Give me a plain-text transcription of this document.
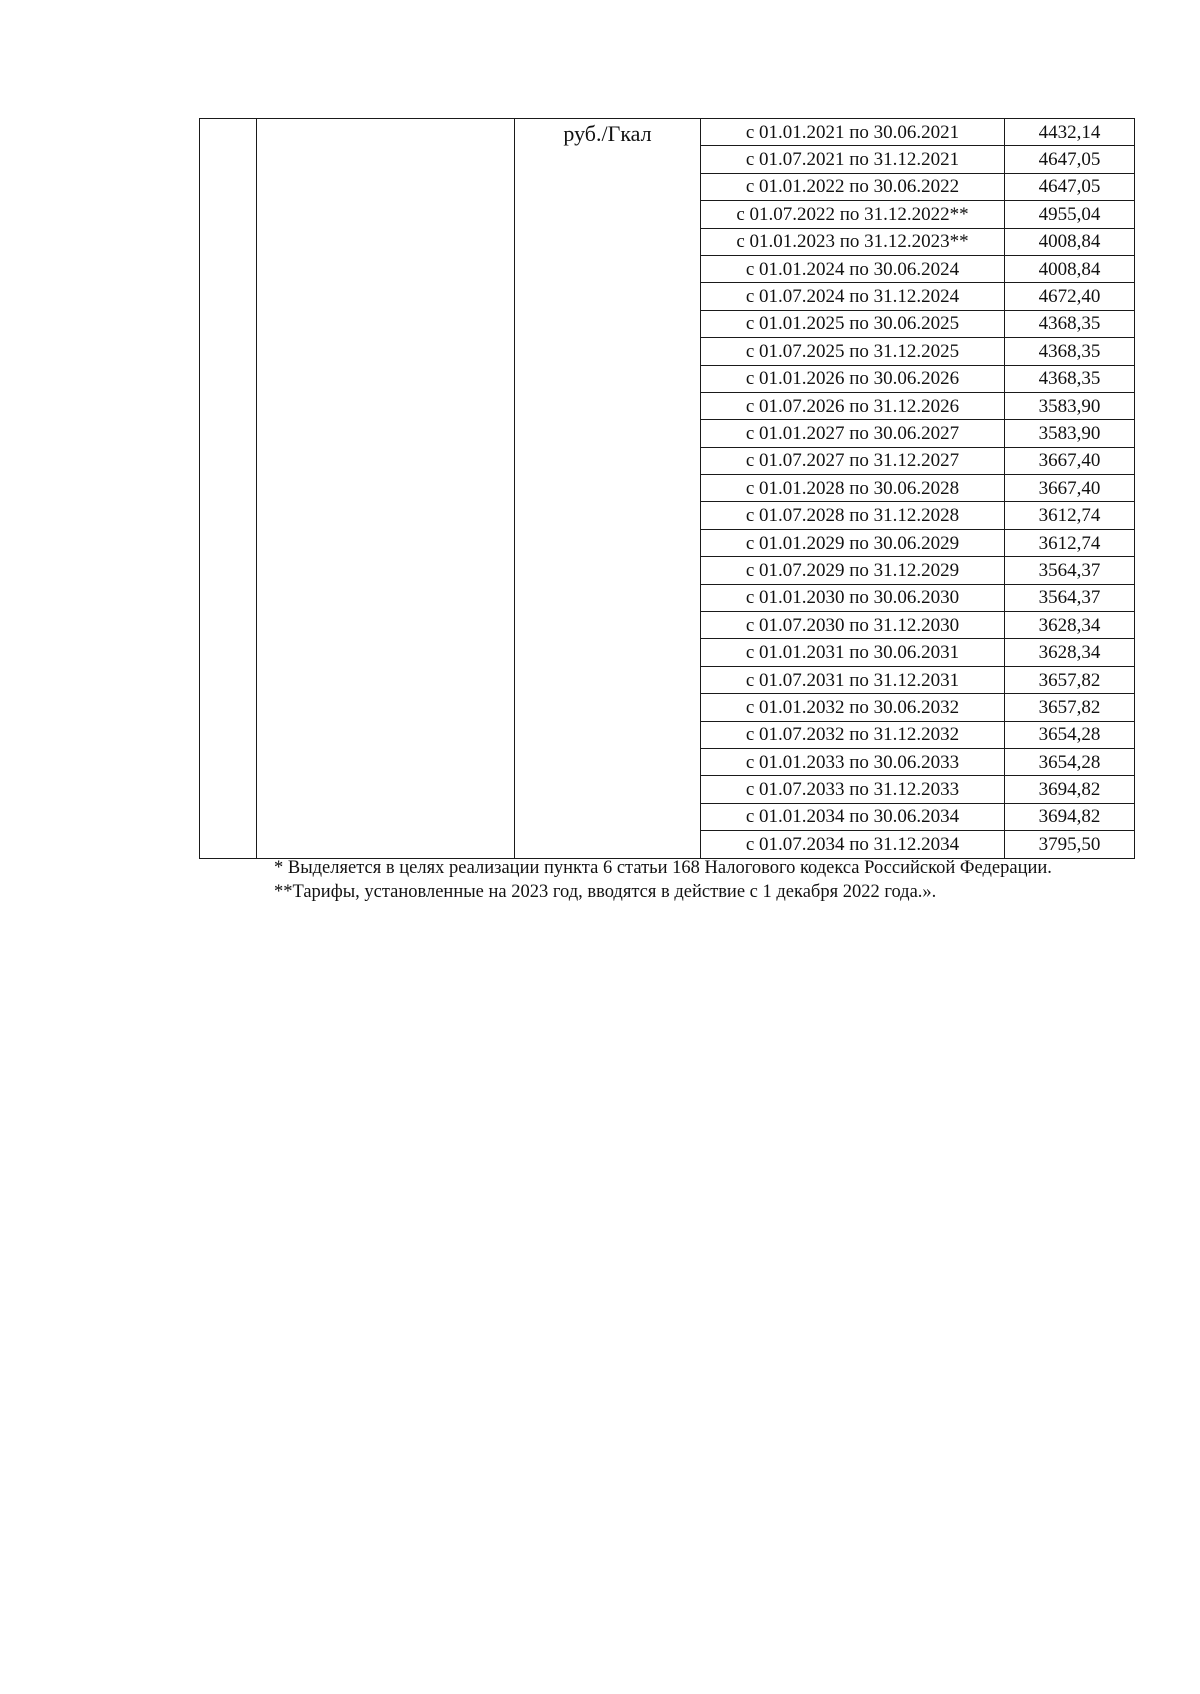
		руб./Гкал	с 01.01.2021 по 30.06.2021	4432,14
			с 01.07.2021 по 31.12.2021	4647,05
			с 01.01.2022 по 30.06.2022	4647,05
			с 01.07.2022 по 31.12.2022**	4955,04
			с 01.01.2023 по 31.12.2023**	4008,84
			с 01.01.2024 по 30.06.2024	4008,84
			с 01.07.2024 по 31.12.2024	4672,40
			с 01.01.2025 по 30.06.2025	4368,35
			с 01.07.2025 по 31.12.2025	4368,35
			с 01.01.2026 по 30.06.2026	4368,35
			с 01.07.2026 по 31.12.2026	3583,90
			с 01.01.2027 по 30.06.2027	3583,90
			с 01.07.2027 по 31.12.2027	3667,40
			с 01.01.2028 по 30.06.2028	3667,40
			с 01.07.2028 по 31.12.2028	3612,74
			с 01.01.2029 по 30.06.2029	3612,74
			с 01.07.2029 по 31.12.2029	3564,37
			с 01.01.2030 по 30.06.2030	3564,37
			с 01.07.2030 по 31.12.2030	3628,34
			с 01.01.2031 по 30.06.2031	3628,34
			с 01.07.2031 по 31.12.2031	3657,82
			с 01.01.2032 по 30.06.2032	3657,82
			с 01.07.2032 по 31.12.2032	3654,28
			с 01.01.2033 по 30.06.2033	3654,28
			с 01.07.2033 по 31.12.2033	3694,82
			с 01.01.2034 по 30.06.2034	3694,82
			с 01.07.2034 по 31.12.2034	3795,50

* Выделяется в целях реализации пункта 6 статьи 168 Налогового кодекса Российской Федерации.

**Тарифы, установленные на 2023 год, вводятся в действие с 1 декабря 2022 года.».
